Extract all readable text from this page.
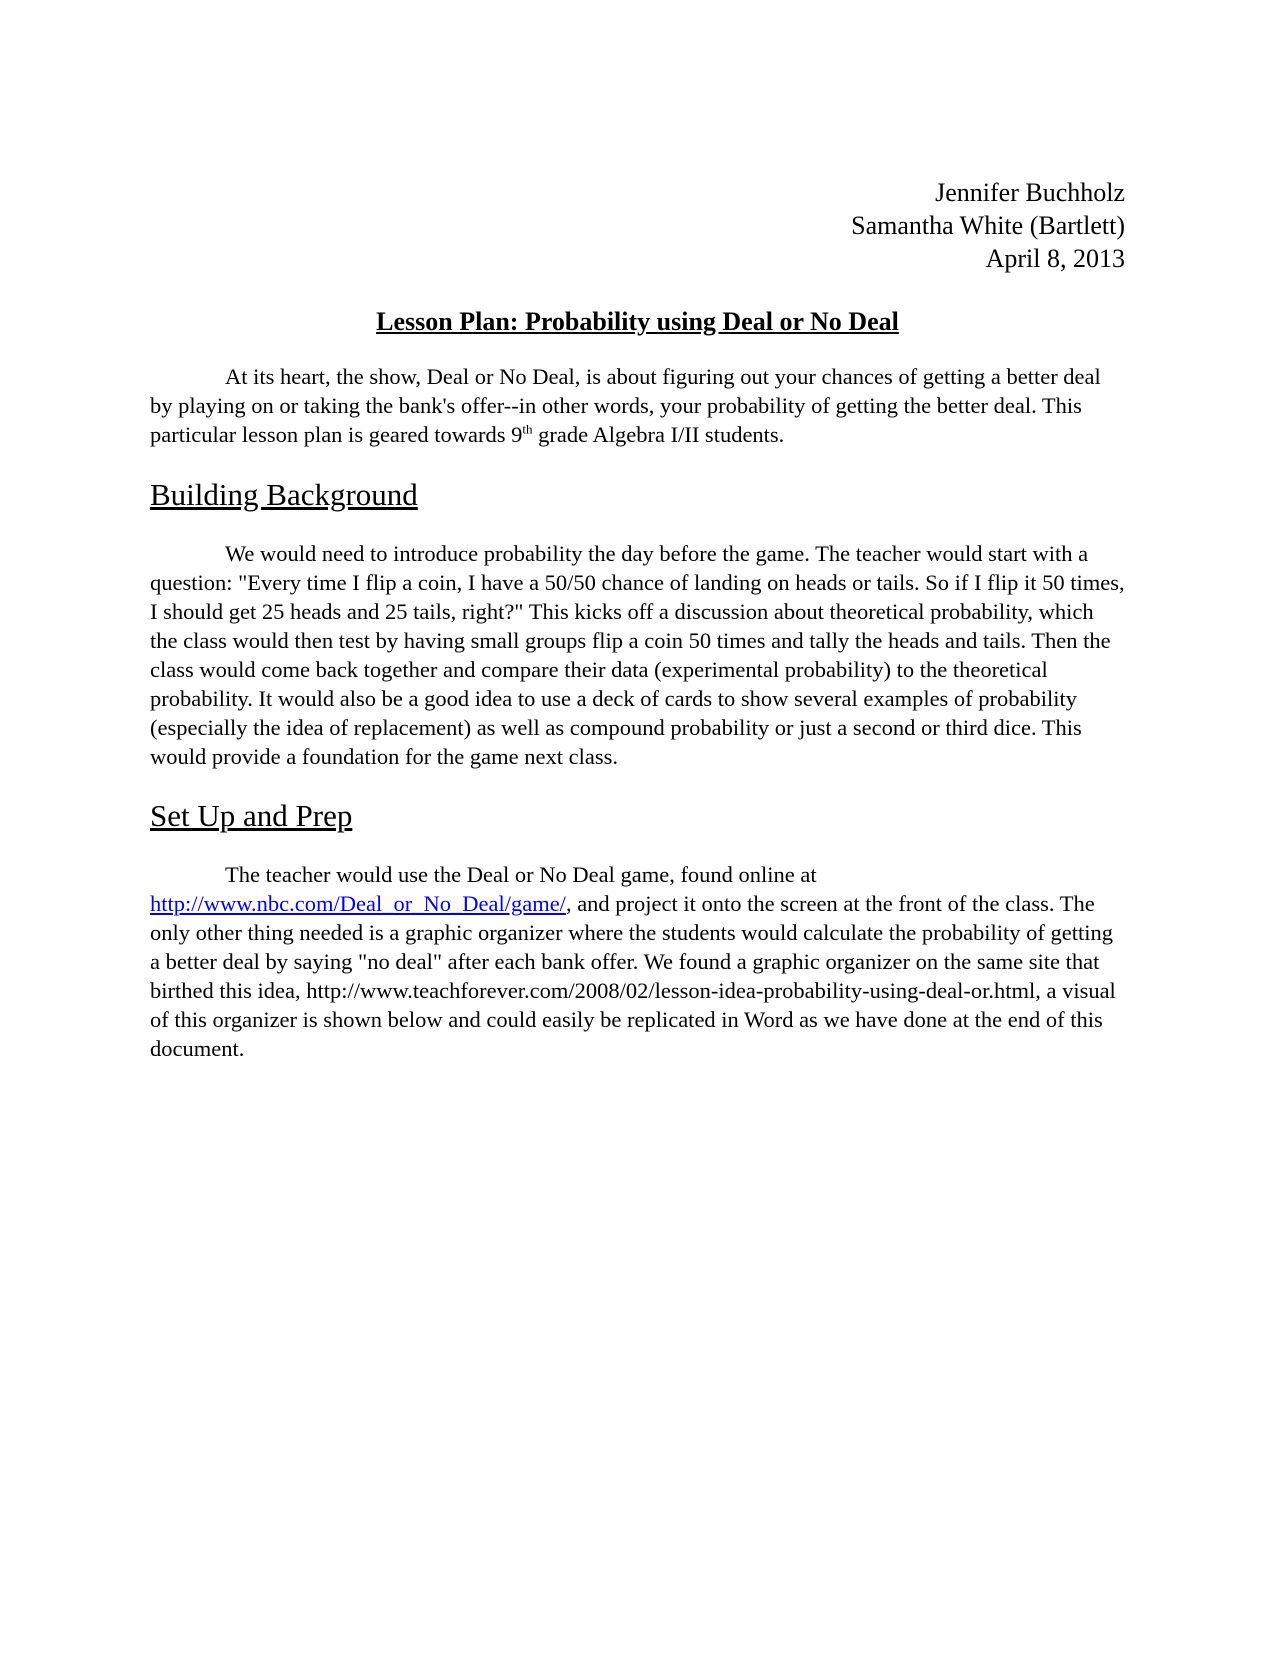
Jennifer Buchholz
Samantha White (Bartlett)
April 8, 2013
Lesson Plan: Probability using Deal or No Deal

At its heart, the show, Deal or No Deal, is about figuring out your chances of getting a better deal by playing on or taking the bank's offer--in other words, your probability of getting the better deal. This particular lesson plan is geared towards 9th grade Algebra I/II students.

Building Background

We would need to introduce probability the day before the game. The teacher would start with a question: "Every time I flip a coin, I have a 50/50 chance of landing on heads or tails. So if I flip it 50 times, I should get 25 heads and 25 tails, right?" This kicks off a discussion about theoretical probability, which the class would then test by having small groups flip a coin 50 times and tally the heads and tails. Then the class would come back together and compare their data (experimental probability) to the theoretical probability. It would also be a good idea to use a deck of cards to show several examples of probability (especially the idea of replacement) as well as compound probability or just a second or third dice. This would provide a foundation for the game next class.

Set Up and Prep

The teacher would use the Deal or No Deal game, found online at http://www.nbc.com/Deal_or_No_Deal/game/, and project it onto the screen at the front of the class. The only other thing needed is a graphic organizer where the students would calculate the probability of getting a better deal by saying "no deal" after each bank offer. We found a graphic organizer on the same site that birthed this idea, http://www.teachforever.com/2008/02/lesson-idea-probability-using-deal-or.html, a visual of this organizer is shown below and could easily be replicated in Word as we have done at the end of this document.
